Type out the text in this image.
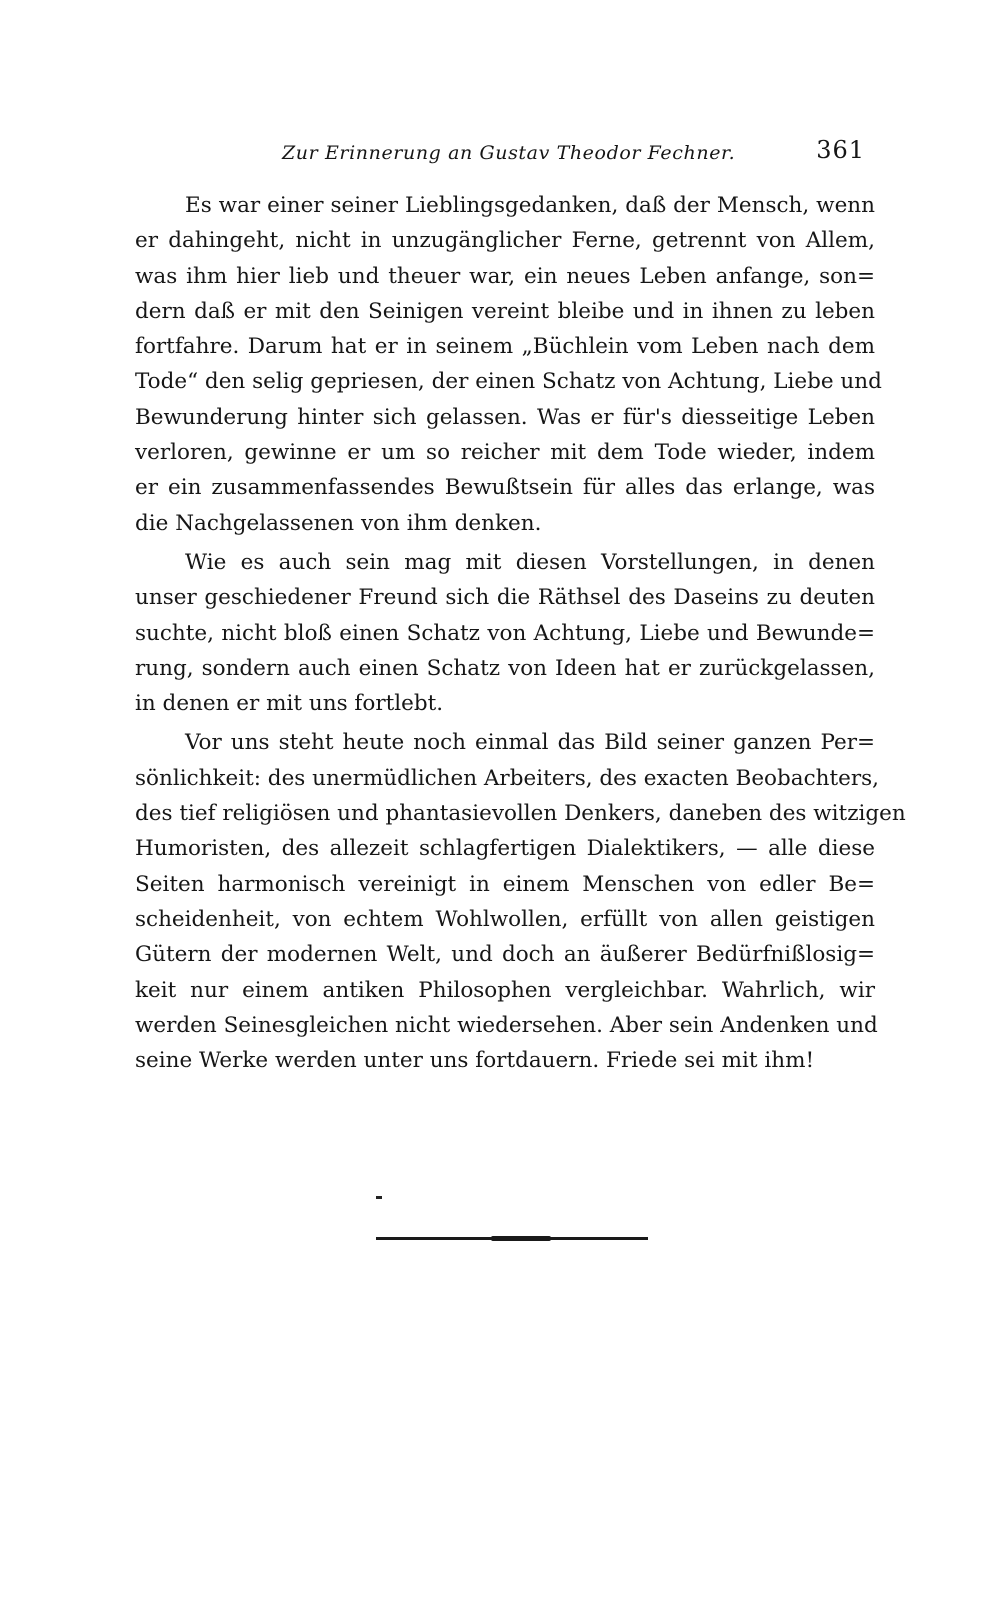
Zur Erinnerung an Gustav Theodor Fechner.	361
Es war einer seiner Lieblingsgedanken, daß der Mensch, wenn
er dahingeht, nicht in unzugänglicher Ferne, getrennt von Allem,
was ihm hier lieb und theuer war, ein neues Leben anfange, son=
dern daß er mit den Seinigen vereint bleibe und in ihnen zu leben
fortfahre. Darum hat er in seinem „Büchlein vom Leben nach dem
Tode“ den selig gepriesen, der einen Schatz von Achtung, Liebe und
Bewunderung hinter sich gelassen. Was er für's diesseitige Leben
verloren, gewinne er um so reicher mit dem Tode wieder, indem
er ein zusammenfassendes Bewußtsein für alles das erlange, was
die Nachgelassenen von ihm denken.
Wie es auch sein mag mit diesen Vorstellungen, in denen
unser geschiedener Freund sich die Räthsel des Daseins zu deuten
suchte, nicht bloß einen Schatz von Achtung, Liebe und Bewunde=
rung, sondern auch einen Schatz von Ideen hat er zurückgelassen,
in denen er mit uns fortlebt.
Vor uns steht heute noch einmal das Bild seiner ganzen Per=
sönlichkeit: des unermüdlichen Arbeiters, des exacten Beobachters,
des tief religiösen und phantasievollen Denkers, daneben des witzigen
Humoristen, des allezeit schlagfertigen Dialektikers, — alle diese
Seiten harmonisch vereinigt in einem Menschen von edler Be=
scheidenheit, von echtem Wohlwollen, erfüllt von allen geistigen
Gütern der modernen Welt, und doch an äußerer Bedürfnißlosig=
keit nur einem antiken Philosophen vergleichbar. Wahrlich, wir
werden Seinesgleichen nicht wiedersehen. Aber sein Andenken und
seine Werke werden unter uns fortdauern. Friede sei mit ihm!
